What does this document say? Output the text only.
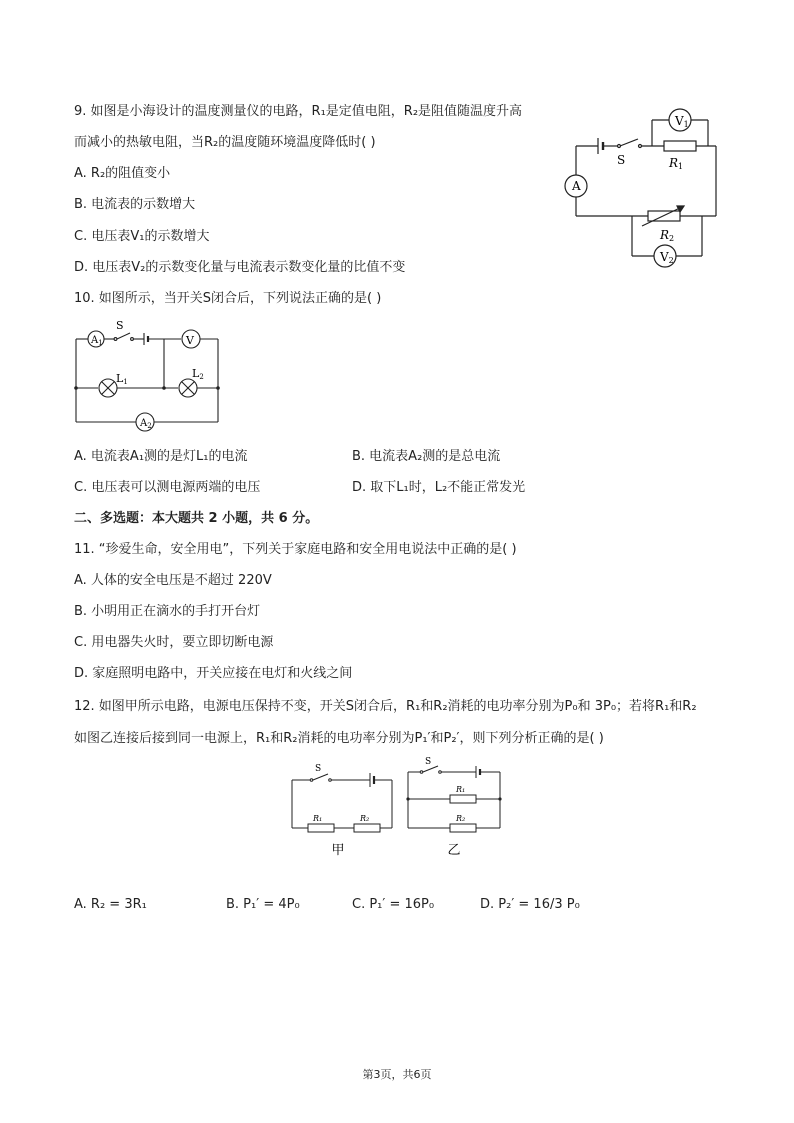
9. 如图是小海设计的温度测量仪的电路，R₁是定值电阻，R₂是阻值随温度升高
而减小的热敏电阻，当R₂的温度随环境温度降低时( )
A. R₂的阻值变小
B. 电流表的示数增大
C. 电压表V₁的示数增大
D. 电压表V₂的示数变化量与电流表示数变化量的比值不变
V1
S	R1
A
R2
V2
10. 如图所示，当开关S闭合后，下列说法正确的是( )
$A_1$
S
V
L1
L2
$A_2$
A. 电流表A₁测的是灯L₁的电流	B. 电流表A₂测的是总电流
C. 电压表可以测电源两端的电压	D. 取下L₁时，L₂不能正常发光
二、多选题：本大题共 2 小题，共 6 分。
11. “珍爱生命，安全用电”，下列关于家庭电路和安全用电说法中正确的是( )
A. 人体的安全电压是不超过 220V
B. 小明用正在滴水的手打开台灯
C. 用电器失火时，要立即切断电源
D. 家庭照明电路中，开关应接在电灯和火线之间
12. 如图甲所示电路，电源电压保持不变，开关S闭合后，R₁和R₂消耗的电功率分别为P₀和 3P₀；若将R₁和R₂
如图乙连接后接到同一电源上，R₁和R₂消耗的电功率分别为P₁′和P₂′，则下列分析正确的是( )
S
R₁	R₂
甲
S
R₁
R₂
乙
A. R₂ = 3R₁	B. P₁′ = 4P₀	C. P₁′ = 16P₀	D. P₂′ = 16/3 P₀
第3页，共6页
